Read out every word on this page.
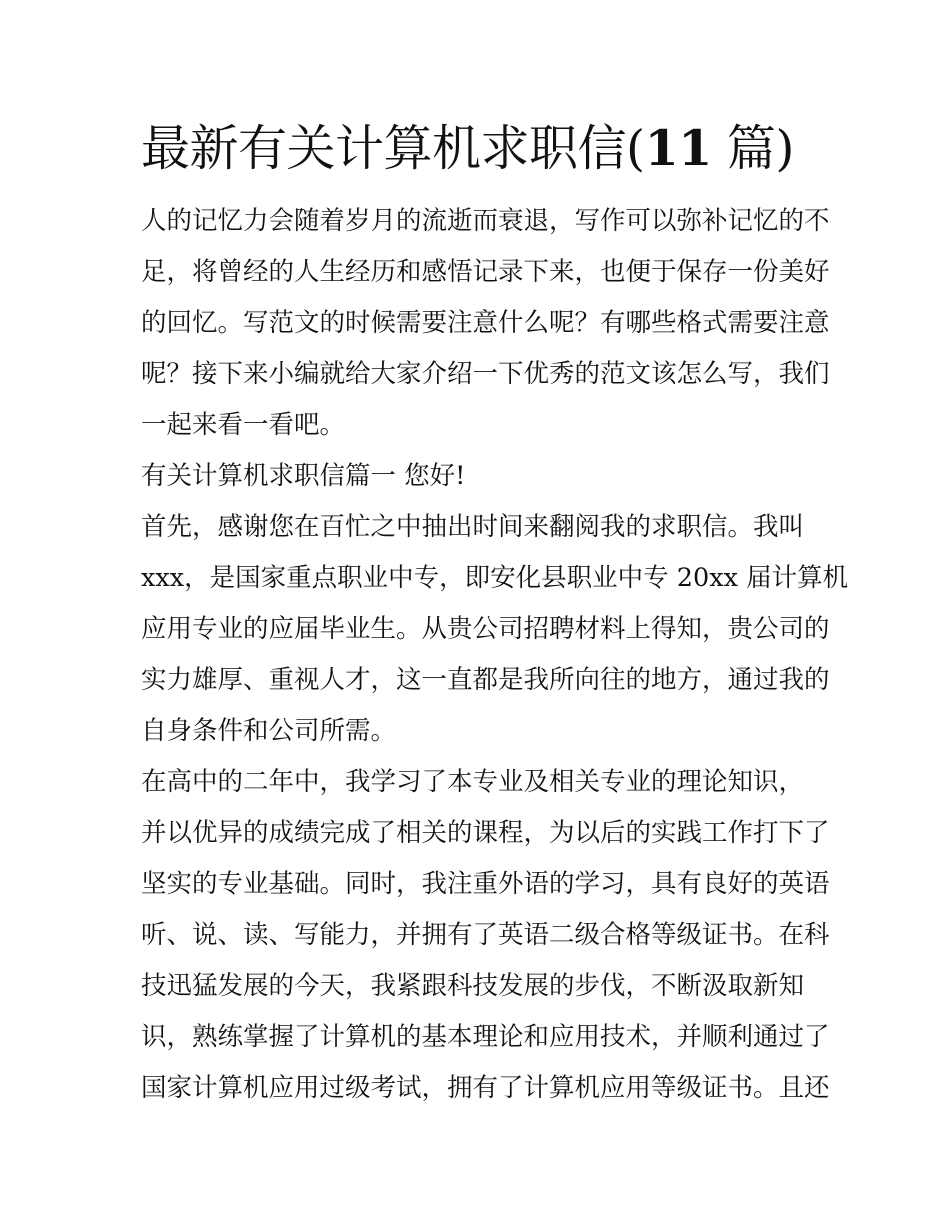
最新有关计算机求职信(11 篇)
人的记忆力会随着岁月的流逝而衰退，写作可以弥补记忆的不
足，将曾经的人生经历和感悟记录下来，也便于保存一份美好
的回忆。写范文的时候需要注意什么呢？有哪些格式需要注意
呢？接下来小编就给大家介绍一下优秀的范文该怎么写，我们
一起来看一看吧。
有关计算机求职信篇一 您好!
首先，感谢您在百忙之中抽出时间来翻阅我的求职信。我叫
xxx，是国家重点职业中专，即安化县职业中专 20xx 届计算机
应用专业的应届毕业生。从贵公司招聘材料上得知，贵公司的
实力雄厚、重视人才，这一直都是我所向往的地方，通过我的
自身条件和公司所需。
在高中的二年中，我学习了本专业及相关专业的理论知识，
并以优异的成绩完成了相关的课程，为以后的实践工作打下了
坚实的专业基础。同时，我注重外语的学习，具有良好的英语
听、说、读、写能力，并拥有了英语二级合格等级证书。在科
技迅猛发展的今天，我紧跟科技发展的步伐，不断汲取新知
识，熟练掌握了计算机的基本理论和应用技术，并顺利通过了
国家计算机应用过级考试，拥有了计算机应用等级证书。且还
